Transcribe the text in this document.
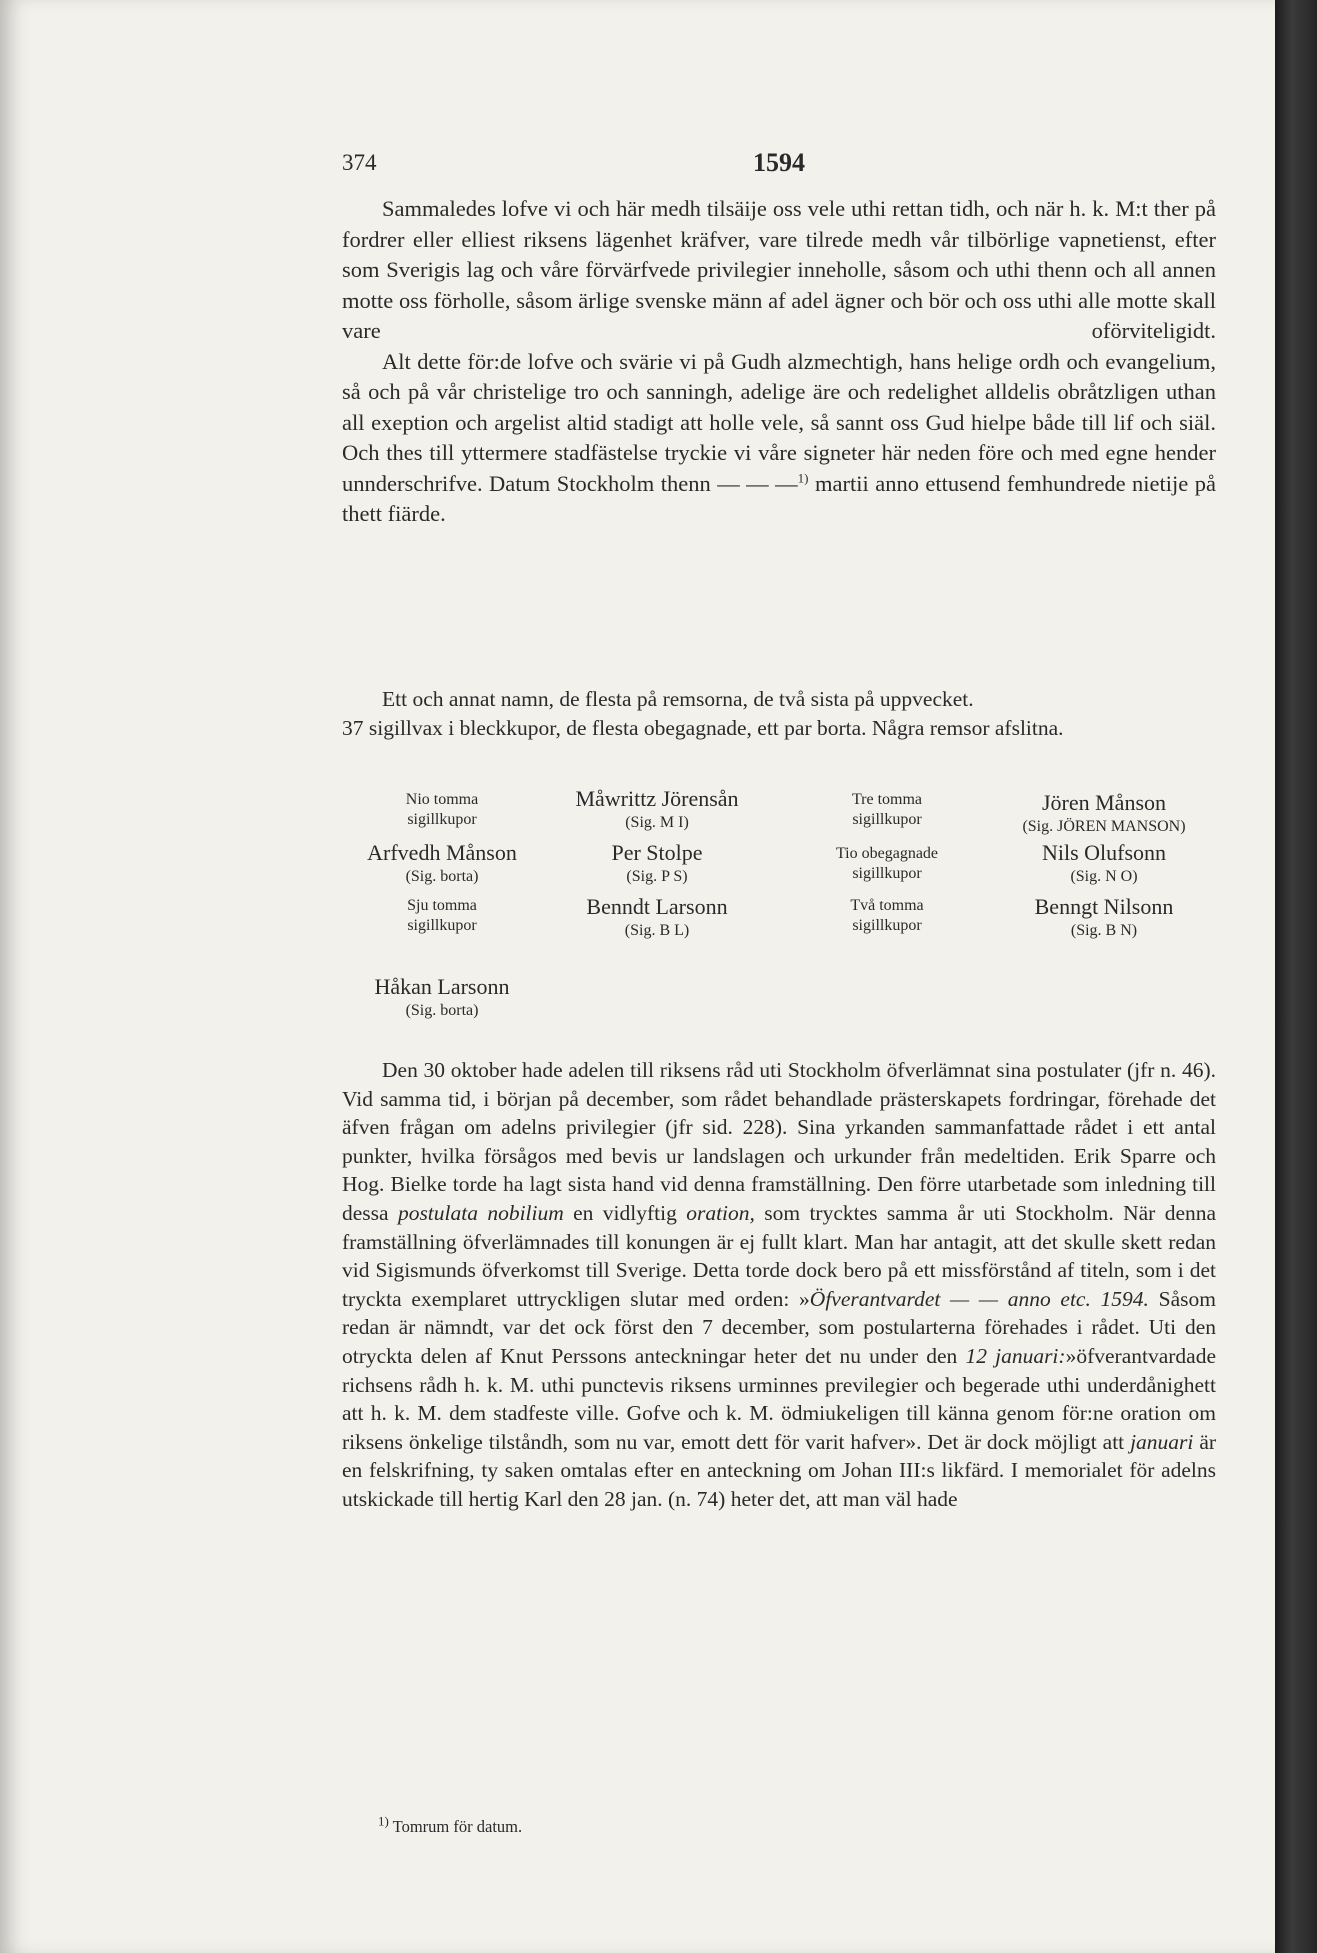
374	1594

Sammaledes lofve vi och här medh tilsäije oss vele uthi rettan tidh, och när h. k. M:t ther på fordrer eller elliest riksens lägenhet kräfver, vare tilrede medh vår tilbörlige vapnetienst, efter som Sverigis lag och våre förvärfvede privilegier inneholle, såsom och uthi thenn och all annen motte oss förholle, såsom ärlige svenske männ af adel ägner och bör och oss uthi alle motte skall vare oförviteligidt.

Alt dette för:de lofve och svärie vi på Gudh alzmechtigh, hans helige ordh och evangelium, så och på vår christelige tro och sanningh, adelige äre och redelighet alldelis obråtzligen uthan all exeption och argelist altid stadigt att holle vele, så sannt oss Gud hielpe både till lif och siäl. Och thes till yttermere stadfästelse tryckie vi våre signeter här neden före och med egne hender unnderschrifve. Datum Stockholm thenn — — —$^{1)}$ martii anno ettusend femhundrede nietije på thett fiärde.

Ett och annat namn, de flesta på remsorna, de två sista på uppvecket.

37 sigillvax i bleckkupor, de flesta obegagnade, ett par borta. Några remsor afslitna.

Nio tomma
sigillkupor
Arfvedh Månson
(Sig. borta)
Sju tomma
sigillkupor
Håkan Larsonn
(Sig. borta)
Måwrittz Jörensån
(Sig. M I)
Per Stolpe
(Sig. P S)
Benndt Larsonn
(Sig. B L)
Tre tomma
sigillkupor
Tio obegagnade
sigillkupor
Två tomma
sigillkupor
Jören Månson
(Sig. JÖREN MANSON)
Nils Olufsonn
(Sig. N O)
Benngt Nilsonn
(Sig. B N)

Den 30 oktober hade adelen till riksens råd uti Stockholm öfverlämnat sina postulater (jfr n. 46). Vid samma tid, i början på december, som rådet behandlade prästerskapets fordringar, förehade det äfven frågan om adelns privilegier (jfr sid. 228). Sina yrkanden sammanfattade rådet i ett antal punkter, hvilka försågos med bevis ur landslagen och urkunder från medeltiden. Erik Sparre och Hog. Bielke torde ha lagt sista hand vid denna framställning. Den förre utarbetade som inledning till dessa postulata nobilium en vidlyftig oration, som trycktes samma år uti Stockholm. När denna framställning öfverlämnades till konungen är ej fullt klart. Man har antagit, att det skulle skett redan vid Sigismunds öfverkomst till Sverige. Detta torde dock bero på ett missförstånd af titeln, som i det tryckta exemplaret uttryckligen slutar med orden: »Öfverantvardet — — anno etc. 1594. Såsom redan är nämndt, var det ock först den 7 december, som postularterna förehades i rådet. Uti den otryckta delen af Knut Perssons anteckningar heter det nu under den 12 januari:»öfverantvardade richsens rådh h. k. M. uthi punctevis riksens urminnes previlegier och begerade uthi underdånighett att h. k. M. dem stadfeste ville. Gofve och k. M. ödmiukeligen till känna genom för:ne oration om riksens önkelige tilståndh, som nu var, emott dett för varit hafver». Det är dock möjligt att januari är en felskrifning, ty saken omtalas efter en anteckning om Johan III:s likfärd. I memorialet för adelns utskickade till hertig Karl den 28 jan. (n. 74) heter det, att man väl hade

$^{1)}$ Tomrum för datum.
